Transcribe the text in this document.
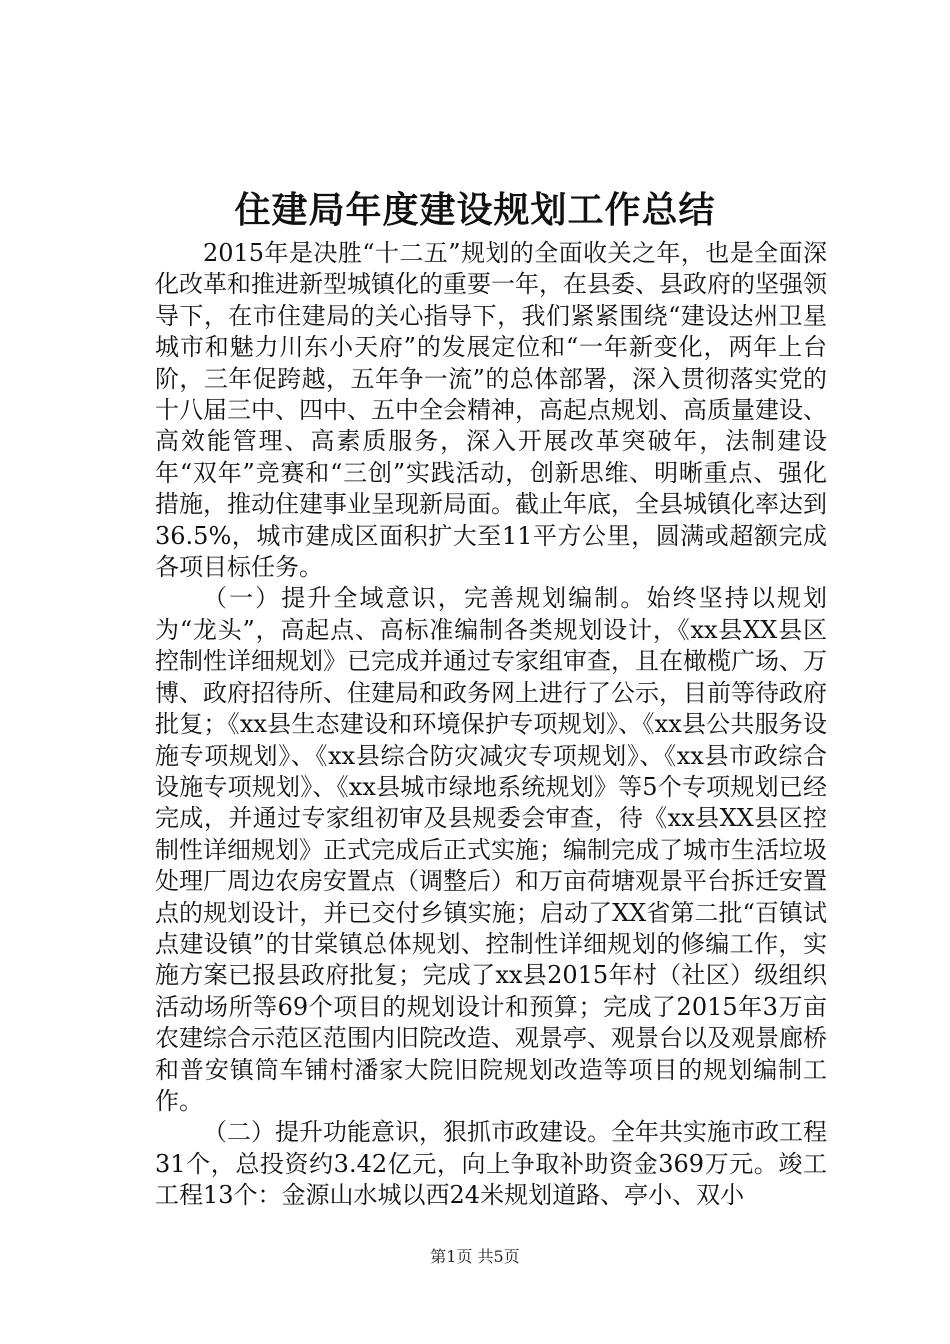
住建局年度建设规划工作总结

2015年是决胜“十二五”规划的全面收关之年，也是全面深化改革和推进新型城镇化的重要一年，在县委、县政府的坚强领导下，在市住建局的关心指导下，我们紧紧围绕“建设达州卫星城市和魅力川东小天府”的发展定位和“一年新变化，两年上台阶，三年促跨越，五年争一流”的总体部署，深入贯彻落实党的十八届三中、四中、五中全会精神，高起点规划、高质量建设、高效能管理、高素质服务，深入开展改革突破年，法制建设年“双年”竞赛和“三创”实践活动，创新思维、明晰重点、强化措施，推动住建事业呈现新局面。截止年底，全县城镇化率达到36.5%，城市建成区面积扩大至11平方公里，圆满或超额完成各项目标任务。

（一）提升全域意识，完善规划编制。始终坚持以规划为“龙头”，高起点、高标准编制各类规划设计，《xx县XX县区控制性详细规划》已完成并通过专家组审查，且在橄榄广场、万博、政府招待所、住建局和政务网上进行了公示，目前等待政府批复；《xx县生态建设和环境保护专项规划》、《xx县公共服务设施专项规划》、《xx县综合防灾减灾专项规划》、《xx县市政综合设施专项规划》、《xx县城市绿地系统规划》等5个专项规划已经完成，并通过专家组初审及县规委会审查，待《xx县XX县区控制性详细规划》正式完成后正式实施；编制完成了城市生活垃圾处理厂周边农房安置点（调整后）和万亩荷塘观景平台拆迁安置点的规划设计，并已交付乡镇实施；启动了XX省第二批“百镇试点建设镇”的甘棠镇总体规划、控制性详细规划的修编工作，实施方案已报县政府批复；完成了xx县2015年村（社区）级组织活动场所等69个项目的规划设计和预算；完成了2015年3万亩农建综合示范区范围内旧院改造、观景亭、观景台以及观景廊桥和普安镇筒车铺村潘家大院旧院规划改造等项目的规划编制工作。

（二）提升功能意识，狠抓市政建设。全年共实施市政工程31个，总投资约3.42亿元，向上争取补助资金369万元。竣工工程13个：金源山水城以西24米规划道路、亭小、双小

第1页 共5页
